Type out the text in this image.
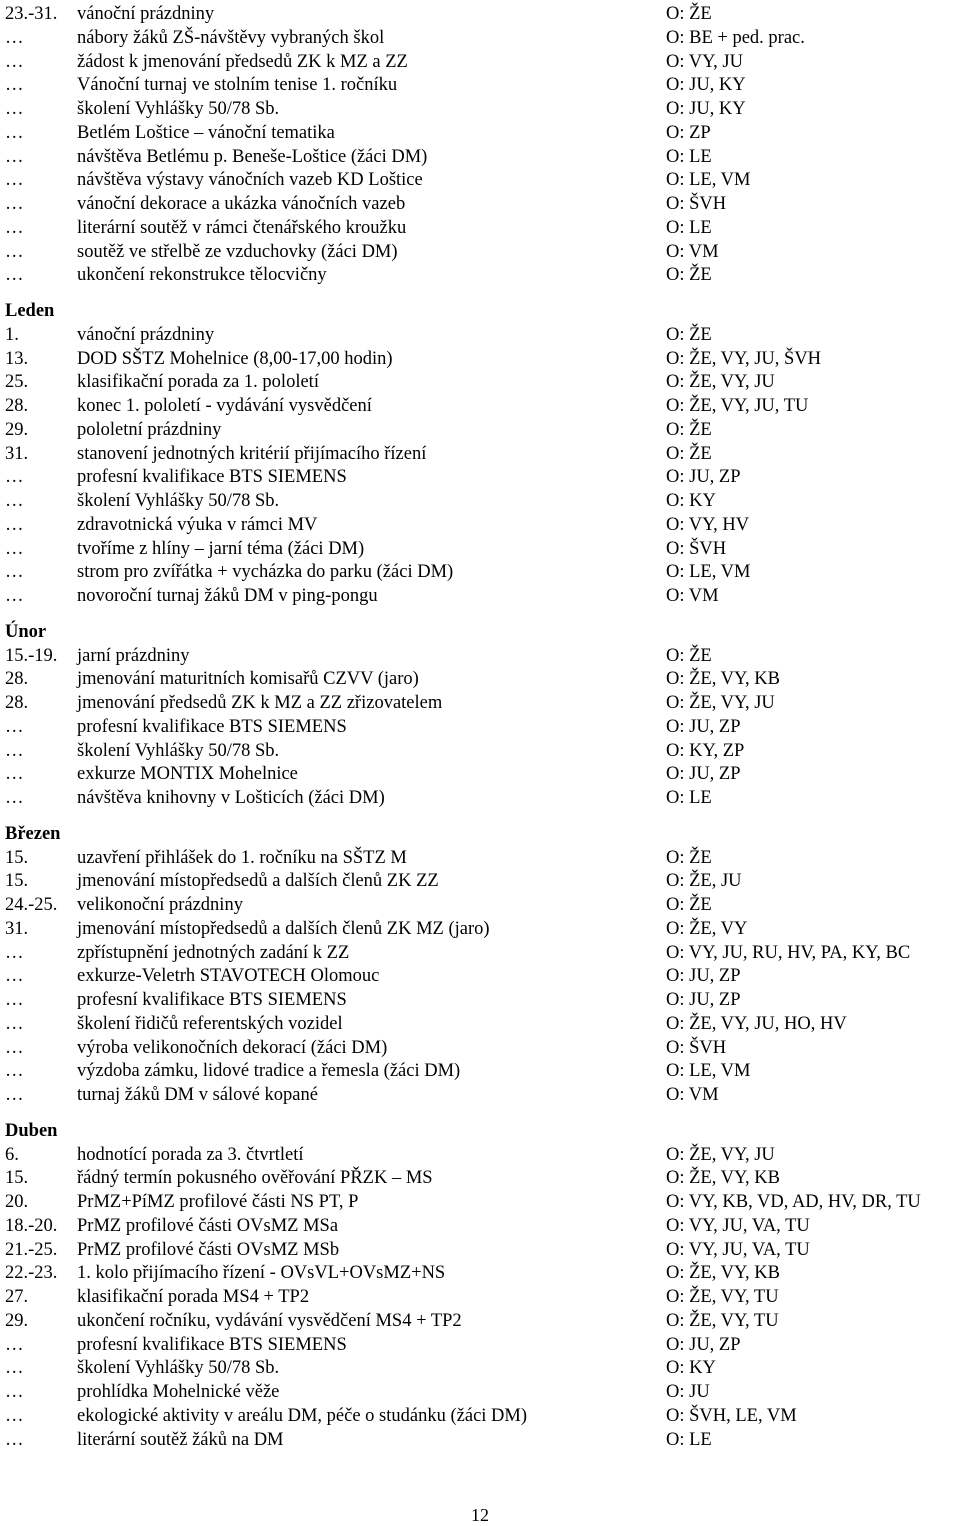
23.-31. vánoční prázdniny	O: ŽE
…	nábory žáků ZŠ-návštěvy vybraných škol	O: BE + ped. prac.
…	žádost k jmenování předsedů ZK k MZ a ZZ	O: VY, JU
…	Vánoční turnaj ve stolním tenise 1. ročníku	O: JU, KY
…	školení Vyhlášky 50/78 Sb.	O: JU, KY
…	Betlém Loštice – vánoční tematika	O: ZP
…	návštěva Betlému p. Beneše-Loštice (žáci DM)	O: LE
…	návštěva výstavy vánočních vazeb KD Loštice	O: LE, VM
…	vánoční dekorace a ukázka vánočních vazeb	O: ŠVH
…	literární soutěž v rámci čtenářského kroužku	O: LE
…	soutěž ve střelbě ze vzduchovky (žáci DM)	O: VM
…	ukončení rekonstrukce tělocvičny	O: ŽE
Leden
1.	vánoční prázdniny	O: ŽE
13.	DOD SŠTZ Mohelnice (8,00-17,00 hodin)	O: ŽE, VY, JU, ŠVH
25.	klasifikační porada za 1. pololetí	O: ŽE, VY, JU
28.	konec 1. pololetí - vydávání vysvědčení	O: ŽE, VY, JU, TU
29.	pololetní prázdniny	O: ŽE
31.	stanovení jednotných kritérií přijímacího řízení	O: ŽE
…	profesní kvalifikace BTS SIEMENS	O: JU, ZP
…	školení Vyhlášky 50/78 Sb.	O: KY
…	zdravotnická výuka v rámci MV	O: VY, HV
…	tvoříme z hlíny – jarní téma (žáci DM)	O: ŠVH
…	strom pro zvířátka + vycházka do parku (žáci DM)	O: LE, VM
…	novoroční turnaj žáků DM v ping-pongu	O: VM
Únor
15.-19. jarní prázdniny	O: ŽE
28.	jmenování maturitních komisařů CZVV (jaro)	O: ŽE, VY, KB
28.	jmenování předsedů ZK k MZ a ZZ zřizovatelem	O: ŽE, VY, JU
…	profesní kvalifikace BTS SIEMENS	O: JU, ZP
…	školení Vyhlášky 50/78 Sb.	O: KY, ZP
…	exkurze MONTIX Mohelnice	O: JU, ZP
…	návštěva knihovny v Lošticích (žáci DM)	O: LE
Březen
15.	uzavření přihlášek do 1. ročníku na SŠTZ M	O: ŽE
15.	jmenování místopředsedů a dalších členů ZK ZZ	O: ŽE, JU
24.-25. velikonoční prázdniny	O: ŽE
31.	jmenování místopředsedů a dalších členů ZK MZ (jaro)	O: ŽE, VY
…	zpřístupnění jednotných zadání k ZZ	O: VY, JU, RU, HV, PA, KY, BC
…	exkurze-Veletrh STAVOTECH Olomouc	O: JU, ZP
…	profesní kvalifikace BTS SIEMENS	O: JU, ZP
…	školení řidičů referentských vozidel	O: ŽE, VY, JU, HO, HV
…	výroba velikonočních dekorací (žáci DM)	O: ŠVH
…	výzdoba zámku, lidové tradice a řemesla (žáci DM)	O: LE, VM
…	turnaj žáků DM v sálové kopané	O: VM
Duben
6.	hodnotící porada za 3. čtvrtletí	O: ŽE, VY, JU
15.	řádný termín pokusného ověřování PŘZK – MS	O: ŽE, VY, KB
20.	PrMZ+PíMZ profilové části NS PT, P	O: VY, KB, VD, AD, HV, DR, TU
18.-20. PrMZ profilové části OVsMZ MSa	O: VY, JU, VA, TU
21.-25. PrMZ profilové části OVsMZ MSb	O: VY, JU, VA, TU
22.-23. 1. kolo přijímacího řízení - OVsVL+OVsMZ+NS	O: ŽE, VY, KB
27.	klasifikační porada MS4 + TP2	O: ŽE, VY, TU
29.	ukončení ročníku, vydávání vysvědčení MS4 + TP2	O: ŽE, VY, TU
…	profesní kvalifikace BTS SIEMENS	O: JU, ZP
…	školení Vyhlášky 50/78 Sb.	O: KY
…	prohlídka Mohelnické věže	O: JU
…	ekologické aktivity v areálu DM, péče o studánku (žáci DM)	O: ŠVH, LE, VM
…	literární soutěž žáků na DM	O: LE
12
